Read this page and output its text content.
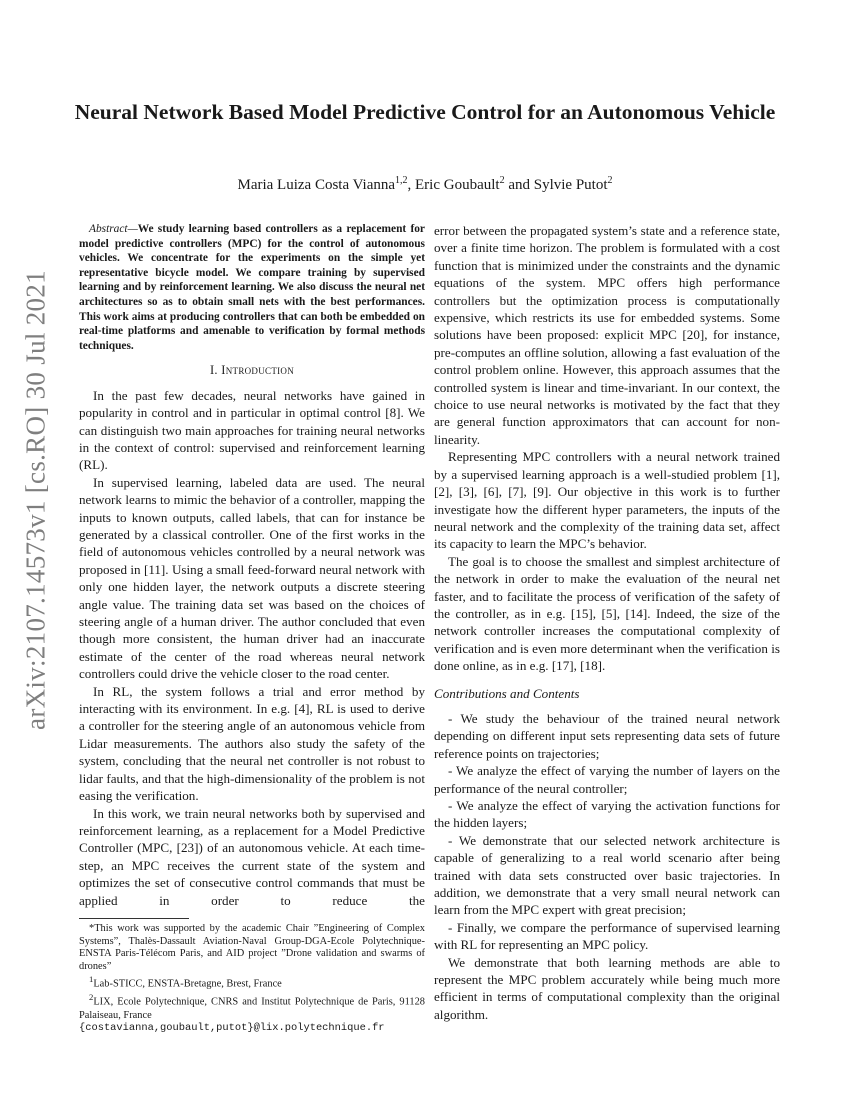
arXiv:2107.14573v1 [cs.RO] 30 Jul 2021
Neural Network Based Model Predictive Control for an Autonomous Vehicle
Maria Luiza Costa Vianna$^{1,2}$, Eric Goubault$^2$ and Sylvie Putot$^2$

Abstract—We study learning based controllers as a replacement for model predictive controllers (MPC) for the control of autonomous vehicles. We concentrate for the experiments on the simple yet representative bicycle model. We compare training by supervised learning and by reinforcement learning. We also discuss the neural net architectures so as to obtain small nets with the best performances. This work aims at producing controllers that can both be embedded on real-time platforms and amenable to verification by formal methods techniques.

I. Introduction

In the past few decades, neural networks have gained in popularity in control and in particular in optimal control [8]. We can distinguish two main approaches for training neural networks in the context of control: supervised and reinforcement learning (RL).

In supervised learning, labeled data are used. The neural network learns to mimic the behavior of a controller, mapping the inputs to known outputs, called labels, that can for instance be generated by a classical controller. One of the first works in the field of autonomous vehicles controlled by a neural network was proposed in [11]. Using a small feed-forward neural network with only one hidden layer, the network outputs a discrete steering angle value. The training data set was based on the choices of steering angle of a human driver. The author concluded that even though more consistent, the human driver had an inaccurate estimate of the center of the road whereas neural network controllers could drive the vehicle closer to the road center.

In RL, the system follows a trial and error method by interacting with its environment. In e.g. [4], RL is used to derive a controller for the steering angle of an autonomous vehicle from Lidar measurements. The authors also study the safety of the system, concluding that the neural net controller is not robust to lidar faults, and that the high-dimensionality of the problem is not easing the verification.

In this work, we train neural networks both by supervised and reinforcement learning, as a replacement for a Model Predictive Controller (MPC, [23]) of an autonomous vehicle. At each time-step, an MPC receives the current state of the system and optimizes the set of consecutive control commands that must be applied in order to reduce the

error between the propagated system’s state and a reference state, over a finite time horizon. The problem is formulated with a cost function that is minimized under the constraints and the dynamic equations of the system. MPC offers high performance controllers but the optimization process is computationally expensive, which restricts its use for embedded systems. Some solutions have been proposed: explicit MPC [20], for instance, pre-computes an offline solution, allowing a fast evaluation of the control problem online. However, this approach assumes that the controlled system is linear and time-invariant. In our context, the choice to use neural networks is motivated by the fact that they are general function approximators that can account for non-linearity.

Representing MPC controllers with a neural network trained by a supervised learning approach is a well-studied problem [1], [2], [3], [6], [7], [9]. Our objective in this work is to further investigate how the different hyper parameters, the inputs of the neural network and the complexity of the training data set, affect its capacity to learn the MPC’s behavior.

The goal is to choose the smallest and simplest architecture of the network in order to make the evaluation of the neural net faster, and to facilitate the process of verification of the safety of the controller, as in e.g. [15], [5], [14]. Indeed, the size of the network controller increases the computational complexity of verification and is even more determinant when the verification is done online, as in e.g. [17], [18].

Contributions and Contents

- We study the behaviour of the trained neural network depending on different input sets representing data sets of future reference points on trajectories;

- We analyze the effect of varying the number of layers on the performance of the neural controller;

- We analyze the effect of varying the activation functions for the hidden layers;

- We demonstrate that our selected network architecture is capable of generalizing to a real world scenario after being trained with data sets constructed over basic trajectories. In addition, we demonstrate that a very small neural network can learn from the MPC expert with great precision;

- Finally, we compare the performance of supervised learning with RL for representing an MPC policy.

We demonstrate that both learning methods are able to represent the MPC problem accurately while being much more efficient in terms of computational complexity than the original algorithm.

*This work was supported by the academic Chair ”Engineering of Complex Systems”, Thalès-Dassault Aviation-Naval Group-DGA-Ecole Polytechnique-ENSTA Paris-Télécom Paris, and AID project ”Drone validation and swarms of drones”

$^1$Lab-STICC, ENSTA-Bretagne, Brest, France

$^2$LIX, Ecole Polytechnique, CNRS and Institut Polytechnique de Paris, 91128 Palaiseau, France

{costavianna,goubault,putot}@lix.polytechnique.fr
